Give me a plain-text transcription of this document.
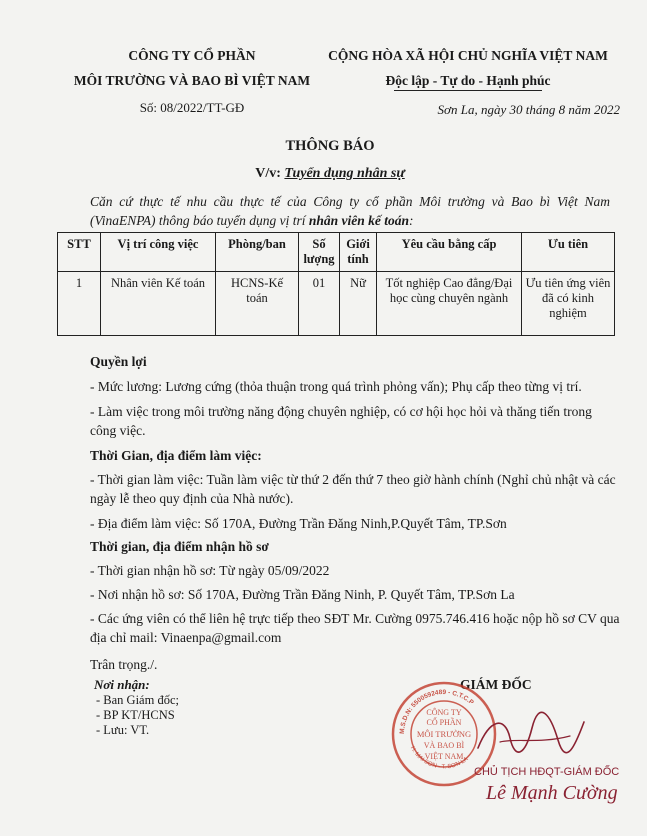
CÔNG TY CỔ PHẦN
MÔI TRƯỜNG VÀ BAO BÌ VIỆT NAM
Số: 08/2022/TT-GĐ
CỘNG HÒA XÃ HỘI CHỦ NGHĨA VIỆT NAM
Độc lập - Tự do - Hạnh phúc
Sơn La, ngày 30 tháng 8 năm 2022
THÔNG BÁO
V/v: Tuyển dụng nhân sự
Căn cứ thực tế nhu cầu thực tế của Công ty cổ phần Môi trường và Bao bì Việt Nam (VinaENPA) thông báo tuyển dụng vị trí nhân viên kế toán:
STT	Vị trí công việc	Phòng/ban	Số lượng	Giới tính	Yêu cầu bằng cấp	Ưu tiên
1	Nhân viên Kế toán	HCNS-Kế toán	01	Nữ	Tốt nghiệp Cao đẳng/Đại học cùng chuyên ngành	Ưu tiên ứng viên đã có kinh nghiệm
Quyền lợi
- Mức lương: Lương cứng (thỏa thuận trong quá trình phỏng vấn); Phụ cấp theo từng vị trí.
- Làm việc trong môi trường năng động chuyên nghiệp, có cơ hội học hỏi và thăng tiến trong công việc.
Thời Gian, địa điểm làm việc:
- Thời gian làm việc: Tuần làm việc từ thứ 2 đến thứ 7 theo giờ hành chính (Nghỉ chủ nhật và các ngày lễ theo quy định của Nhà nước).
- Địa điểm làm việc: Số 170A, Đường Trần Đăng Ninh,P.Quyết Tâm, TP.Sơn
Thời gian, địa điểm nhận hồ sơ
- Thời gian nhận hồ sơ: Từ ngày 05/09/2022
- Nơi nhận hồ sơ: Số 170A, Đường Trần Đăng Ninh, P. Quyết Tâm, TP.Sơn La
- Các ứng viên có thể liên hệ trực tiếp theo SĐT Mr. Cường 0975.746.416 hoặc nộp hồ sơ CV qua địa chỉ mail: Vinaenpa@gmail.com
Trân trọng./.
Nơi nhận:
- Ban Giám đốc;
- BP KT/HCNS
- Lưu: VT.
GIÁM ĐỐC
M.S.D.N: 5500592489 - C.T.C.P
H. MAI SƠN - T. SƠN LA
CÔNG TY
CỔ PHẦN
MÔI TRƯỜNG
VÀ BAO BÌ
VIỆT NAM
CHỦ TỊCH HĐQT-GIÁM ĐỐC
Lê Mạnh Cường
